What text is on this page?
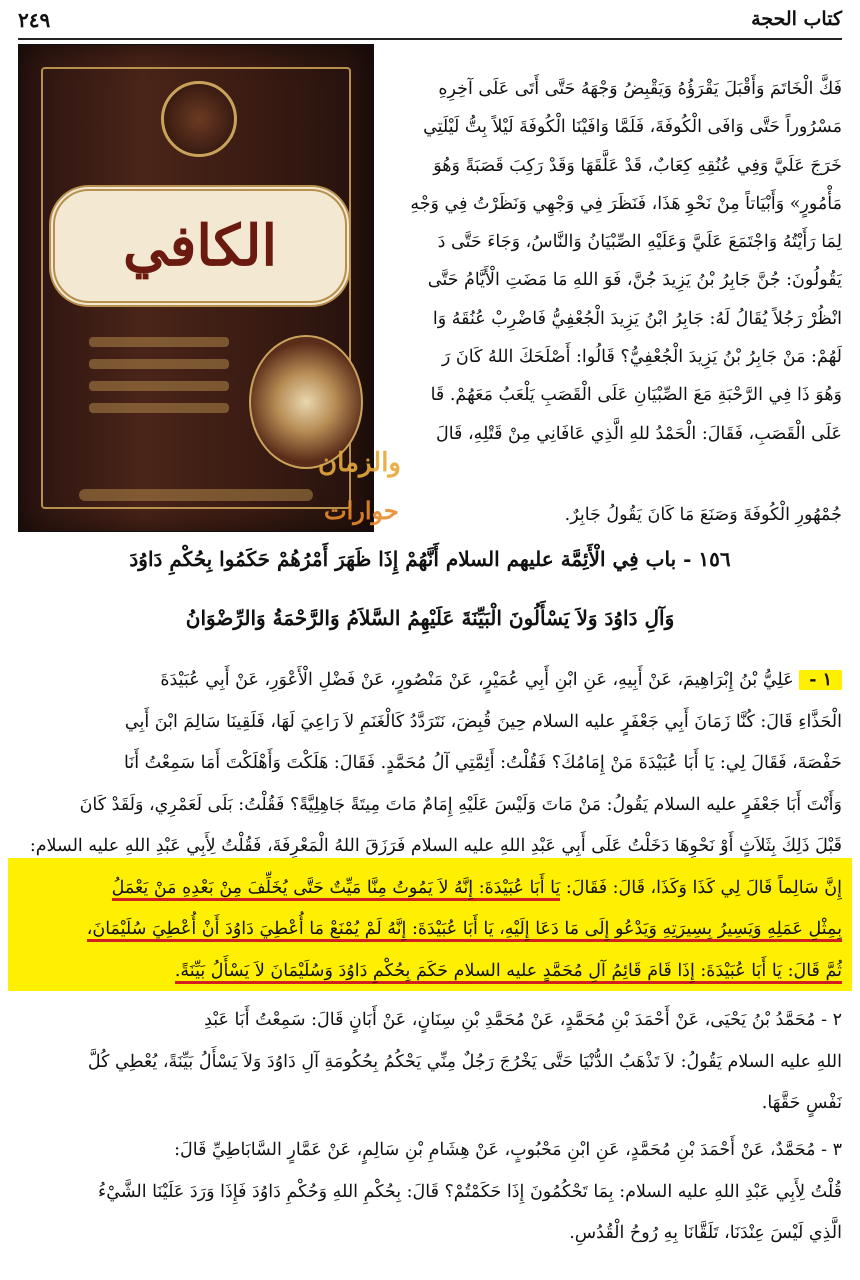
٢٤٩	كتاب الحجة
الكافي
والزمان
حوارات
فَكَّ الْخَاتَمَ وَأَقْبَلَ يَقْرَؤُهُ وَيَقْبِضُ وَجْهَهُ حَتَّى أَتَى عَلَى آخِرِهِ
مَسْرُوراً حَتَّى وَافَى الْكُوفَةَ، فَلَمَّا وَافَيْنَا الْكُوفَةَ لَيْلاً بِتُّ لَيْلَتِي
خَرَجَ عَلَيَّ وَفِي عُنُقِهِ كِعَابٌ، قَدْ عَلَّقَهَا وَقَدْ رَكِبَ قَصَبَةً وَهُوَ
مَأْمُورٍ» وَأَبْيَاتاً مِنْ نَحْوِ هَذَا، فَنَظَرَ فِي وَجْهِي وَنَظَرْتُ فِي وَجْهِ
لِمَا رَأَيْتُهُ وَاجْتَمَعَ عَلَيَّ وَعَلَيْهِ الصِّبْيَانُ وَالنَّاسُ، وَجَاءَ حَتَّى دَ
يَقُولُونَ: جُنَّ جَابِرُ بْنُ يَزِيدَ جُنَّ، فَوَ اللهِ مَا مَضَتِ الْأَيَّامُ حَتَّى
انْظُرْ رَجُلاً يُقَالُ لَهُ: جَابِرُ ابْنُ يَزِيدَ الْجُعْفِيُّ فَاضْرِبْ عُنُقَهُ وَا
لَهُمْ: مَنْ جَابِرُ بْنُ يَزِيدَ الْجُعْفِيُّ؟ قَالُوا: أَصْلَحَكَ اللهُ كَانَ رَ
وَهُوَ ذَا فِي الرَّحْبَةِ مَعَ الصِّبْيَانِ عَلَى الْقَصَبِ يَلْعَبُ مَعَهُمْ. قَا
عَلَى الْقَصَبِ، فَقَالَ: الْحَمْدُ للهِ الَّذِي عَافَانِي مِنْ قَتْلِهِ، قَالَ
جُمْهُورِ الْكُوفَةَ وَصَنَعَ مَا كَانَ يَقُولُ جَابِرٌ.
١٥٦ - باب فِي الْأَئِمَّة عليهم السلام أَنَّهُمْ إِذَا ظَهَرَ أَمْرُهُمْ حَكَمُوا بِحُكْمِ دَاوُدَ
وَآلِ دَاوُدَ وَلاَ يَسْأَلُونَ الْبَيِّنَةَ عَلَيْهِمُ السَّلاَمُ وَالرَّحْمَةُ وَالرِّضْوَانُ
١ - عَلِيُّ بْنُ إِبْرَاهِيمَ، عَنْ أَبِيهِ، عَنِ ابْنِ أَبِي عُمَيْرٍ، عَنْ مَنْصُورٍ، عَنْ فَضْلِ الْأَعْوَرِ، عَنْ أَبِي عُبَيْدَةَ
الْحَذَّاءِ قَالَ: كُنَّا زَمَانَ أَبِي جَعْفَرٍ عليه السلام حِينَ قُبِضَ، نَتَرَدَّدُ كَالْغَنَمِ لاَ رَاعِيَ لَهَا، فَلَقِينَا سَالِمَ ابْنَ أَبِي
حَفْصَةَ، فَقَالَ لِي: يَا أَبَا عُبَيْدَةَ مَنْ إِمَامُكَ؟ فَقُلْتُ: أَئِمَّتِي آلُ مُحَمَّدٍ. فَقَالَ: هَلَكْتَ وَأَهْلَكْتَ أَمَا سَمِعْتُ أَنَا
وَأَنْتَ أَبَا جَعْفَرٍ عليه السلام يَقُولُ: مَنْ مَاتَ وَلَيْسَ عَلَيْهِ إِمَامٌ مَاتَ مِيتَةً جَاهِلِيَّةً؟ فَقُلْتُ: بَلَى لَعَمْرِي، وَلَقَدْ كَانَ
قَبْلَ ذَلِكَ بِثَلاَثٍ أَوْ نَحْوِهَا دَخَلْتُ عَلَى أَبِي عَبْدِ اللهِ عليه السلام فَرَزَقَ اللهُ الْمَعْرِفَةَ، فَقُلْتُ لِأَبِي عَبْدِ اللهِ عليه السلام:
إِنَّ سَالِماً قَالَ لِي كَذَا وَكَذَا، قَالَ: فَقَالَ: يَا أَبَا عُبَيْدَةَ: إِنَّهُ لاَ يَمُوتُ مِنَّا مَيِّتٌ حَتَّى يُخَلِّفَ مِنْ بَعْدِهِ مَنْ يَعْمَلُ
بِمِثْلِ عَمَلِهِ وَيَسِيرُ بِسِيرَتِهِ وَيَدْعُو إِلَى مَا دَعَا إِلَيْهِ، يَا أَبَا عُبَيْدَةَ: إِنَّهُ لَمْ يُمْنَعْ مَا أُعْطِيَ دَاوُدَ أَنْ أُعْطِيَ سُلَيْمَانَ،
ثُمَّ قَالَ: يَا أَبَا عُبَيْدَةَ: إِذَا قَامَ قَائِمُ آلِ مُحَمَّدٍ عليه السلام حَكَمَ بِحُكْمِ دَاوُدَ وَسُلَيْمَانَ لاَ يَسْأَلُ بَيِّنَةً.
٢ - مُحَمَّدُ بْنُ يَحْيَى، عَنْ أَحْمَدَ بْنِ مُحَمَّدٍ، عَنْ مُحَمَّدِ بْنِ سِنَانٍ، عَنْ أَبَانٍ قَالَ: سَمِعْتُ أَبَا عَبْدِ
اللهِ عليه السلام يَقُولُ: لاَ تَذْهَبُ الدُّنْيَا حَتَّى يَخْرُجَ رَجُلٌ مِنِّي يَحْكُمُ بِحُكُومَةِ آلِ دَاوُدَ وَلاَ يَسْأَلُ بَيِّنَةً، يُعْطِي كُلَّ
نَفْسٍ حَقَّهَا.
٣ - مُحَمَّدٌ، عَنْ أَحْمَدَ بْنِ مُحَمَّدٍ، عَنِ ابْنِ مَحْبُوبٍ، عَنْ هِشَامِ بْنِ سَالِمٍ، عَنْ عَمَّارٍ السَّابَاطِيِّ قَالَ:
قُلْتُ لِأَبِي عَبْدِ اللهِ عليه السلام: بِمَا تَحْكُمُونَ إِذَا حَكَمْتُمْ؟ قَالَ: بِحُكْمِ اللهِ وَحُكْمِ دَاوُدَ فَإِذَا وَرَدَ عَلَيْنَا الشَّيْءُ
الَّذِي لَيْسَ عِنْدَنَا، تَلَقَّانَا بِهِ رُوحُ الْقُدُسِ.
